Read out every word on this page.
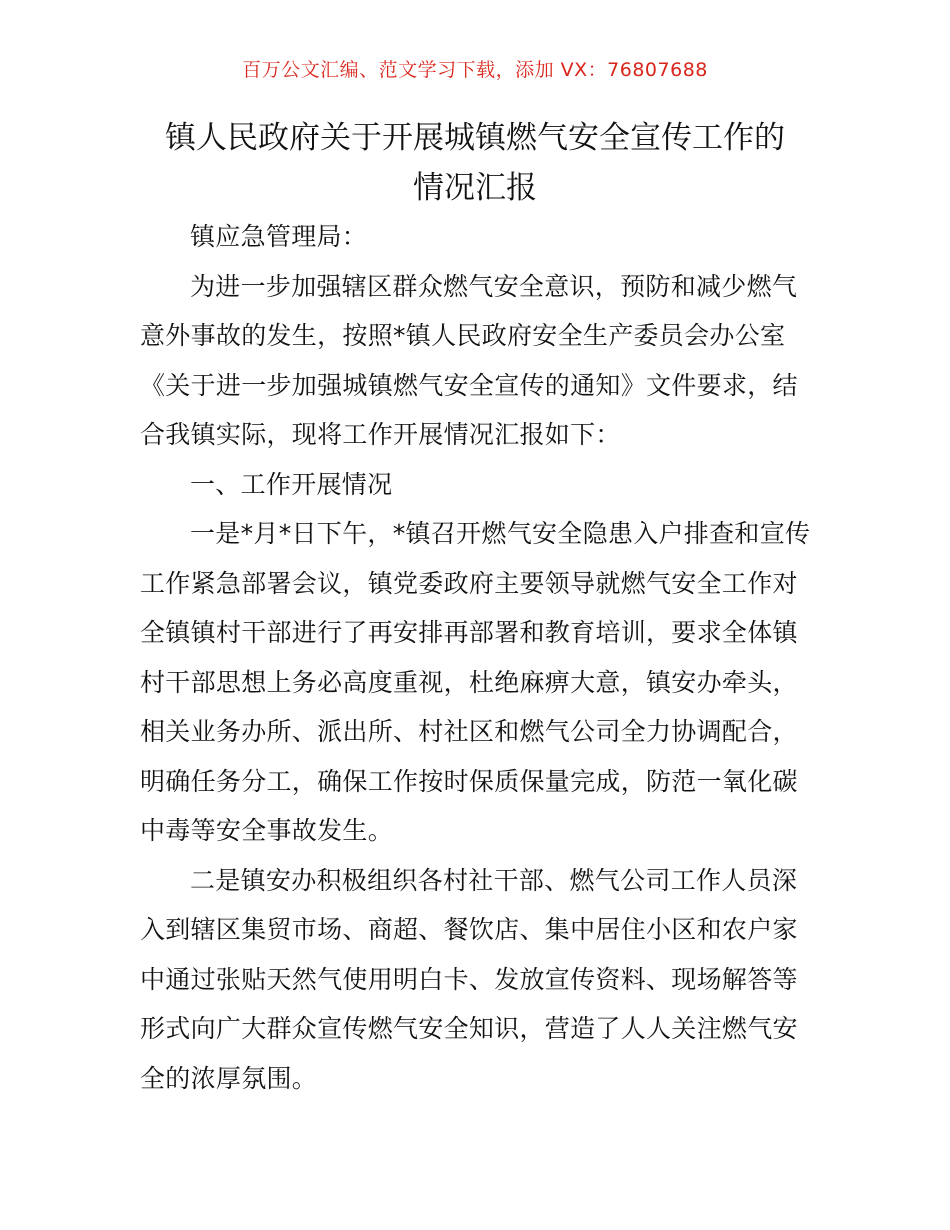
百万公文汇编、范文学习下载，添加 VX：76807688
镇人民政府关于开展城镇燃气安全宣传工作的
情况汇报

镇应急管理局：

为进一步加强辖区群众燃气安全意识，预防和减少燃气意外事故的发生，按照*镇人民政府安全生产委员会办公室《关于进一步加强城镇燃气安全宣传的通知》文件要求，结合我镇实际，现将工作开展情况汇报如下：

一、工作开展情况

一是*月*日下午，*镇召开燃气安全隐患入户排查和宣传工作紧急部署会议，镇党委政府主要领导就燃气安全工作对全镇镇村干部进行了再安排再部署和教育培训，要求全体镇村干部思想上务必高度重视，杜绝麻痹大意，镇安办牵头，相关业务办所、派出所、村社区和燃气公司全力协调配合，明确任务分工，确保工作按时保质保量完成，防范一氧化碳中毒等安全事故发生。

二是镇安办积极组织各村社干部、燃气公司工作人员深入到辖区集贸市场、商超、餐饮店、集中居住小区和农户家中通过张贴天然气使用明白卡、发放宣传资料、现场解答等形式向广大群众宣传燃气安全知识，营造了人人关注燃气安全的浓厚氛围。
